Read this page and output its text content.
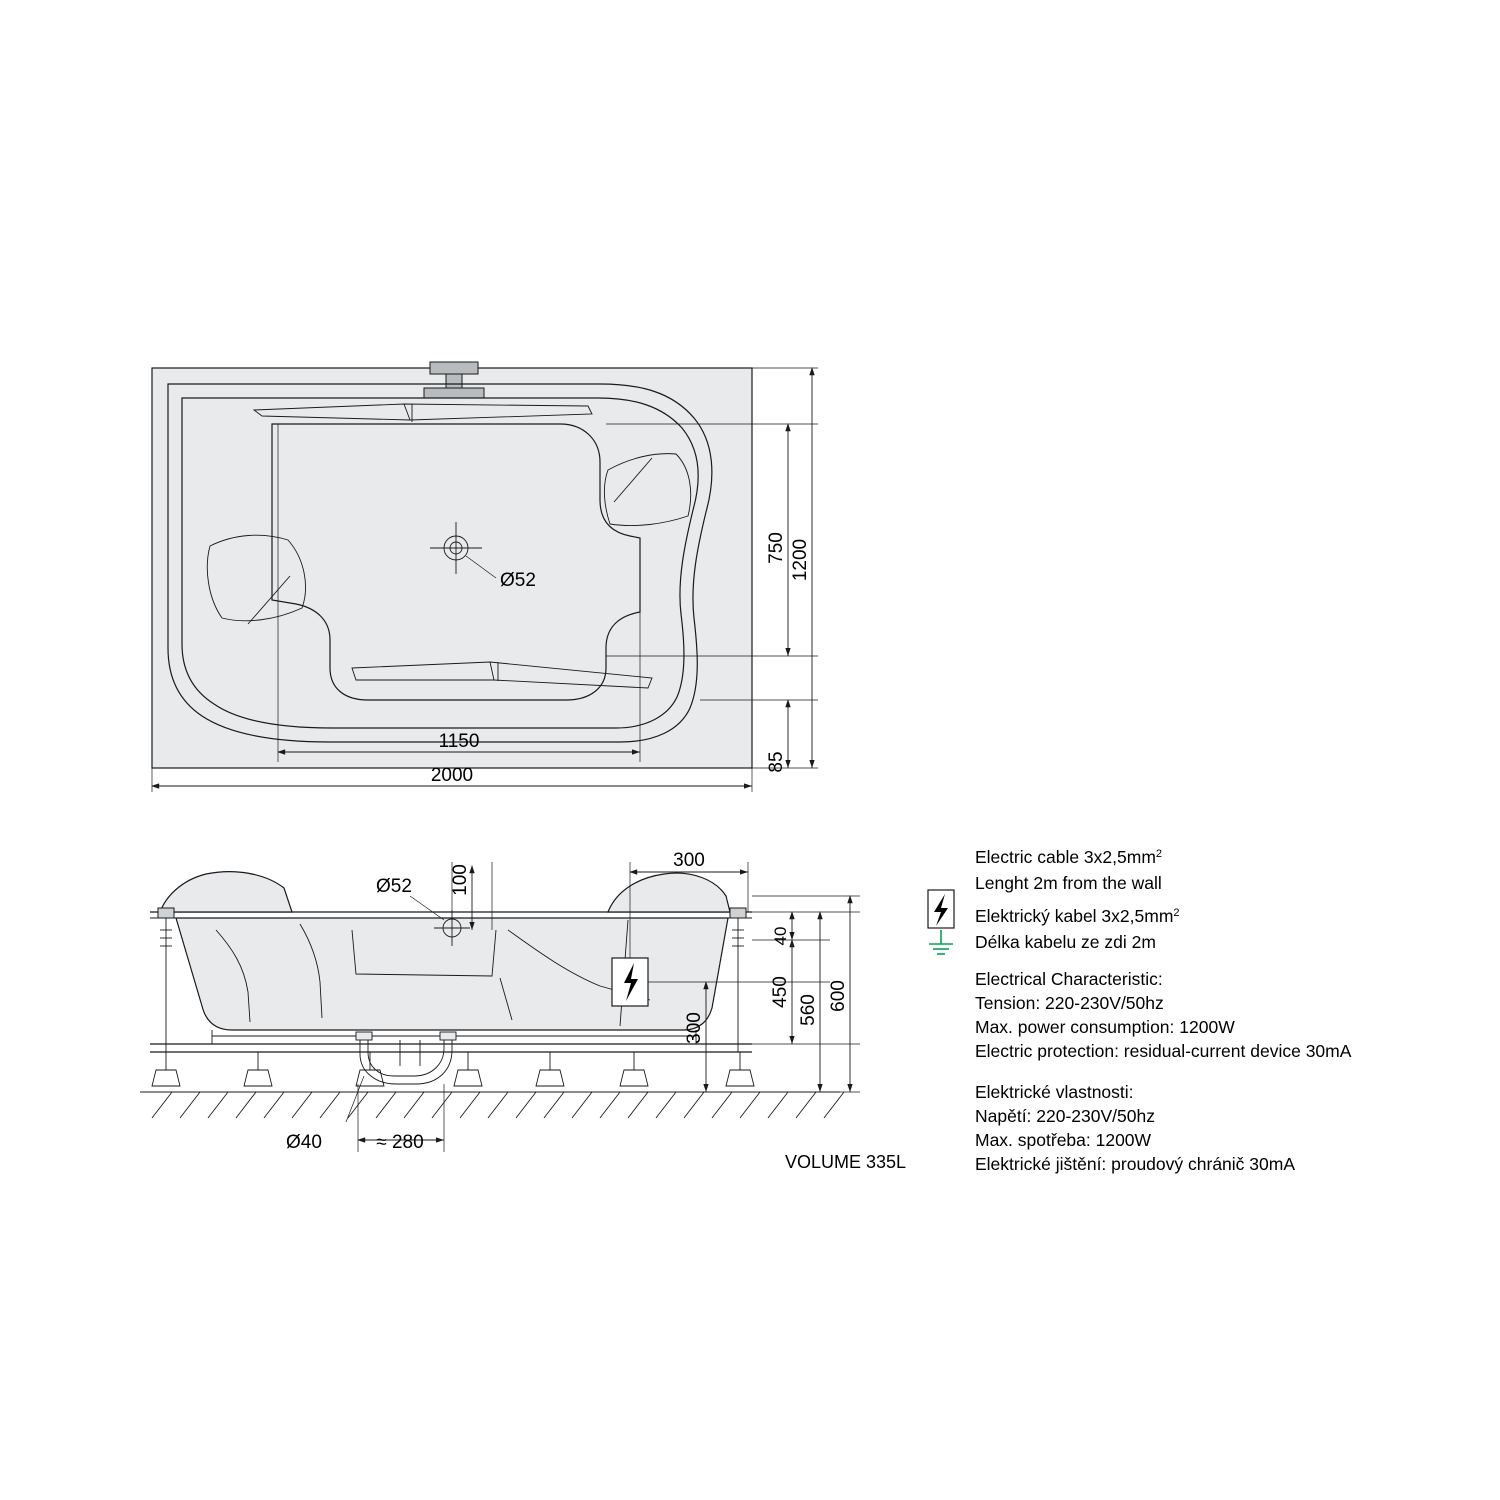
Ø52
750 1200
85
1150
2000
Ø52 100
300
40
450
560 600
300
Ø40	≈ 280
VOLUME 335L
Electric cable $3x2,5mm^2$
Lenght 2m from the wall
Elektrický kabel $3x2,5mm^2$
Délka kabelu ze zdi 2m
Electrical Characteristic:
Tension: 220-230V/50hz
Max. power consumption: 1200W
Electric protection: residual-current device 30mA
Elektrické vlastnosti:
Napětí: 220-230V/50hz
Max. spotřeba: 1200W
Elektrické jištění: proudový chránič 30mA
